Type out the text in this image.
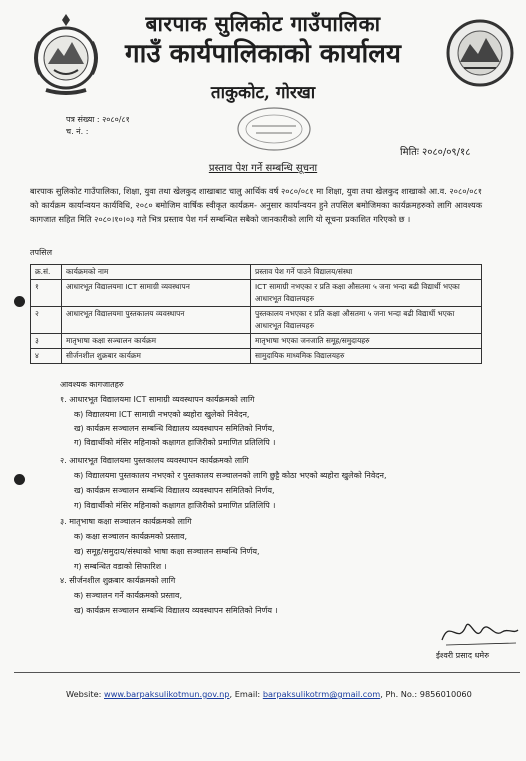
बारपाक सुलिकोट गाउँपालिका
गाउँ कार्यपालिकाको कार्यालय
ताकुकोट, गोरखा
पत्र संख्या : २०८०/८१
च. नं. :
मितिः २०८०/०९/१८
प्रस्ताव पेश गर्ने सम्बन्धि सूचना
बारपाक सुलिकोट गाउँपालिका, शिक्षा, युवा तथा खेलकुद शाखाबाट चालु आर्थिक वर्ष २०८०/०८१ मा शिक्षा, युवा तथा खेलकुद शाखाको आ.व. २०८०/०८१ को कार्यक्रम कार्यान्वयन कार्यविधि, २०८० बमोजिम वार्षिक स्वीकृत कार्यक्रम- अनुसार कार्यान्वयन हुने तपसिल बमोजिमका कार्यक्रमहरुको लागि आवश्यक कागजात सहित मिति २०८०।१०।०३ गते भित्र प्रस्ताव पेश गर्न सम्बन्धित सबैको जानकारीको लागि यो सूचना प्रकाशित गरिएको छ ।
तपसिल
क्र.सं.	कार्यक्रमको नाम	प्रस्ताव पेश गर्ने पाउने विद्यालय/संस्था
१	आधारभूत विद्यालयमा ICT सामाग्री व्यवस्थापन	ICT सामाग्री नभएका र प्रति कक्षा औसतमा ५ जना भन्दा बढी विद्यार्थी भएका आधारभूत विद्यालयहरु
२	आधारभूत विद्यालयमा पुस्तकालय व्यवस्थापन	पुस्तकालय नभएका र प्रति कक्षा औसतमा ५ जना भन्दा बढी विद्यार्थी भएका आधारभूत विद्यालयहरु
३	मातृभाषा कक्षा सञ्चालन कार्यक्रम	मातृभाषा भएका जनजाति समूह/समुदायहरु
४	सीर्जनशील शुक्रबार कार्यक्रम	सामुदायिक माध्यमिक विद्यालयहरु
आवश्यक कागजातहरु
१. आधारभूत विद्यालयमा ICT सामाग्री व्यवस्थापन कार्यक्रमको लागि
क) विद्यालयमा ICT सामाग्री नभएको ब्यहोरा खुलेको निवेदन,
ख) कार्यक्रम सञ्चालन सम्बन्धि विद्यालय व्यवस्थापन समितिको निर्णय,
ग) विद्यार्थीको मंसिर महिनाको कक्षागत हाजिरीको प्रमाणित प्रतिलिपि ।
२. आधारभूत विद्यालयमा पुस्तकालय व्यवस्थापन कार्यक्रमको लागि
क) विद्यालयमा पुस्तकालय नभएको र पुस्तकालय सञ्चालनको लागि छुट्टै कोठा भएको ब्यहोरा खुलेको निवेदन,
ख) कार्यक्रम सञ्चालन सम्बन्धि विद्यालय व्यवस्थापन समितिको निर्णय,
ग) विद्यार्थीको मंसिर महिनाको कक्षागत हाजिरीको प्रमाणित प्रतिलिपि ।
३. मातृभाषा कक्षा सञ्चालन कार्यक्रमको लागि
क) कक्षा सञ्चालन कार्यक्रमको प्रस्ताव,
ख) समूह/समुदाय/संस्थाको भाषा कक्षा सञ्चालन सम्बन्धि निर्णय,
ग) सम्बन्धित वडाको सिफारिश ।
४. सीर्जनशील शुक्रबार कार्यक्रमको लागि
क) सञ्चालन गर्ने कार्यक्रमको प्रस्ताव,
ख) कार्यक्रम सञ्चालन सम्बन्धि विद्यालय व्यवस्थापन समितिको निर्णय ।
ईश्वरी प्रसाद धमेरु
Website: www.barpaksulikotmun.gov.np, Email: barpaksulikotrm@gmail.com, Ph. No.: 9856010060
